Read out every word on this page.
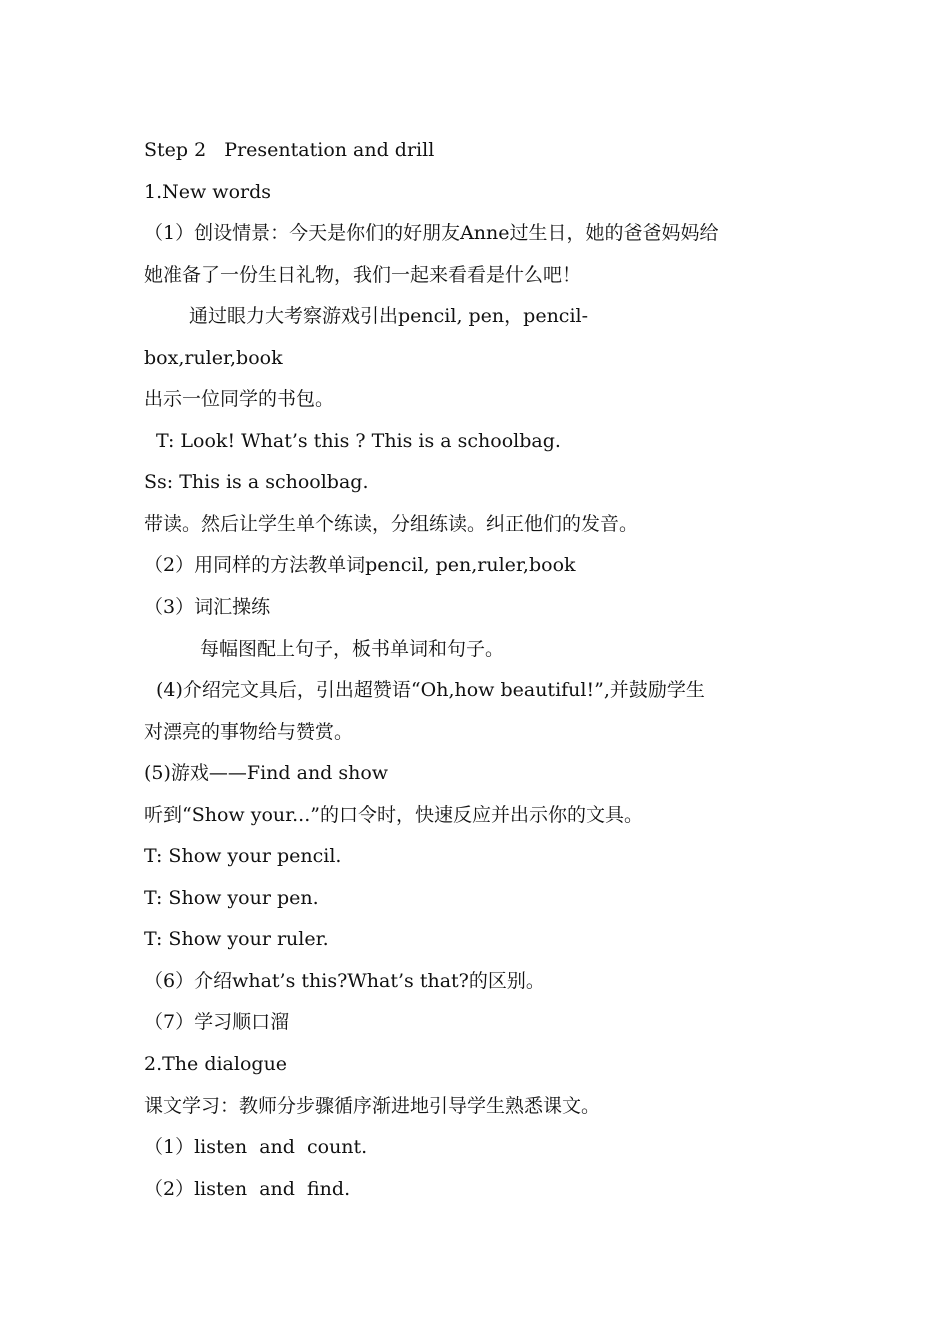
Step 2   Presentation and drill
1.New words
（1）创设情景：今天是你们的好朋友Anne过生日，她的爸爸妈妈给
她准备了一份生日礼物，我们一起来看看是什么吧！
通过眼力大考察游戏引出pencil, pen，pencil-
box,ruler,book
出示一位同学的书包。
T: Look! What’s this ? This is a schoolbag.
Ss: This is a schoolbag.
带读。然后让学生单个练读，分组练读。纠正他们的发音。
（2）用同样的方法教单词pencil, pen,ruler,book
（3）词汇操练
每幅图配上句子，板书单词和句子。
(4)介绍完文具后，引出超赞语“Oh,how beautiful!”,并鼓励学生
对漂亮的事物给与赞赏。
(5)游戏——Find and show
听到“Show your...”的口令时，快速反应并出示你的文具。
T: Show your pencil.
T: Show your pen.
T: Show your ruler.
（6）介绍what’s this?What’s that?的区别。
（7）学习顺口溜
2.The dialogue
课文学习：教师分步骤循序渐进地引导学生熟悉课文。
（1）listen  and  count.
（2）listen  and  find.
